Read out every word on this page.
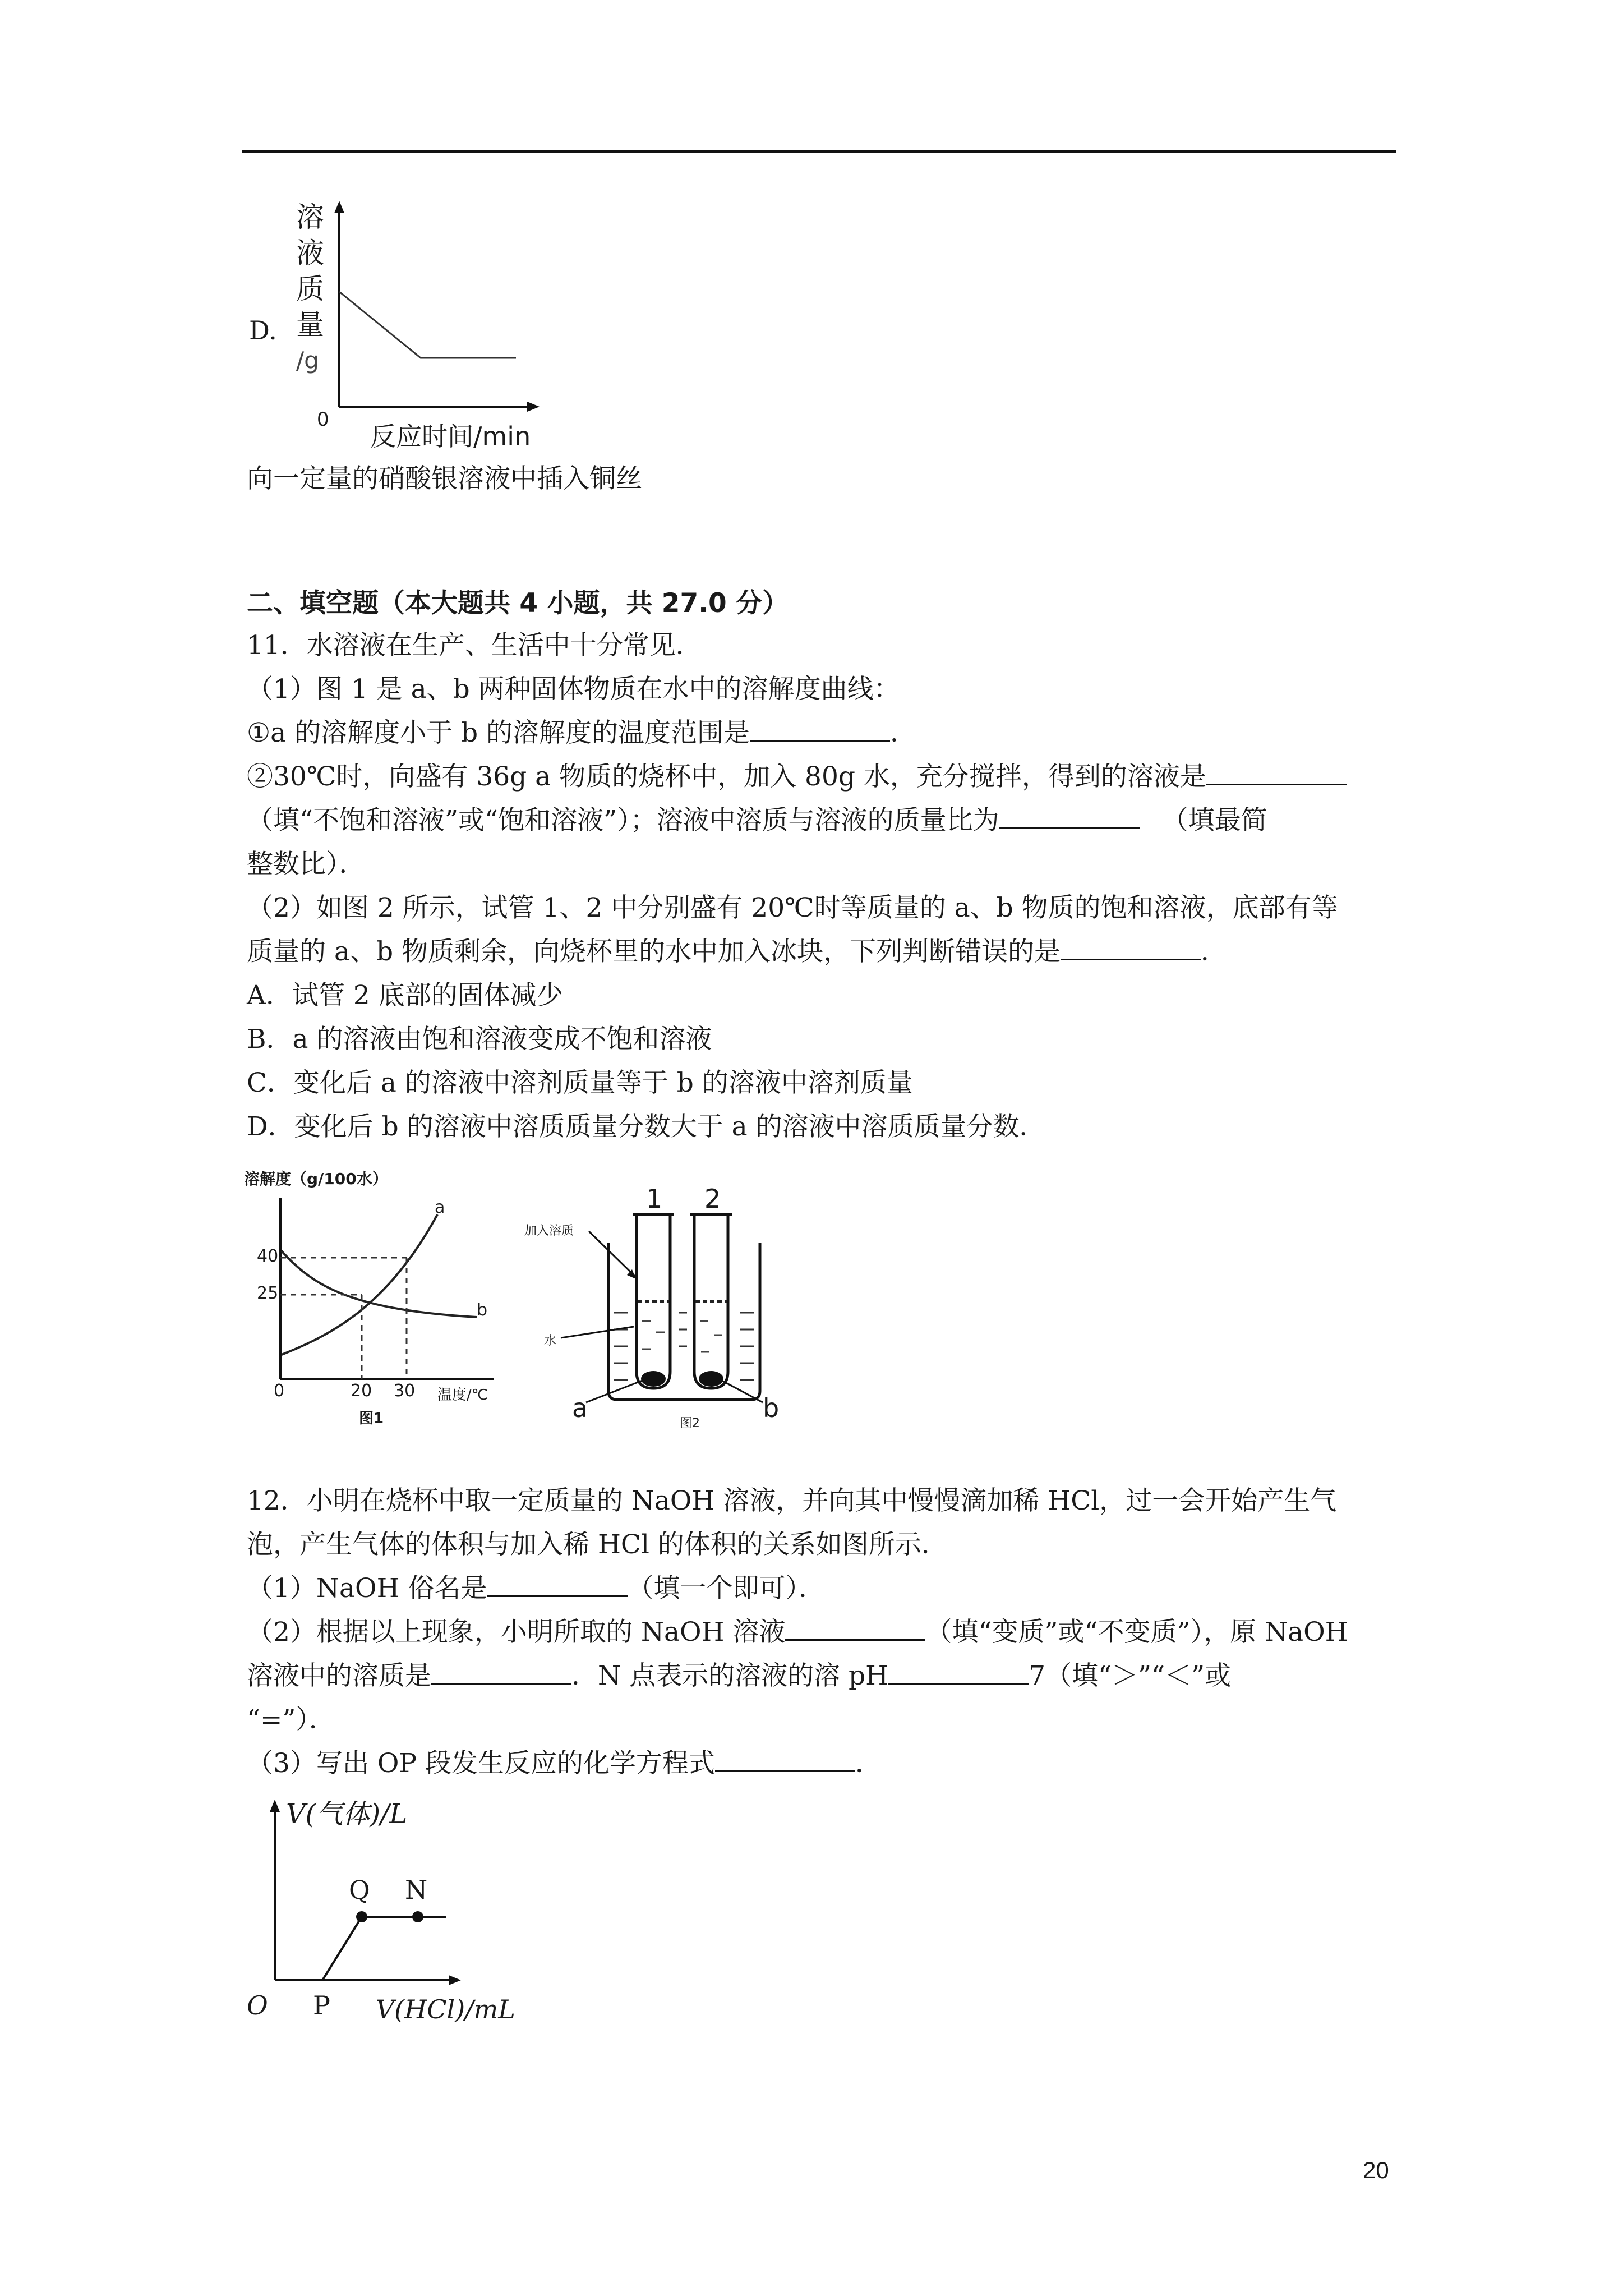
D.
溶
液
质
量
/g
0
反应时间/min
向一定量的硝酸银溶液中插入铜丝
二、填空题（本大题共 4 小题，共 27.0 分）
11．水溶液在生产、生活中十分常见．
（1）图 1 是 a、b 两种固体物质在水中的溶解度曲线：
①a 的溶解度小于 b 的溶解度的温度范围是	．
②30℃时，向盛有 36g a 物质的烧杯中，加入 80g 水，充分搅拌，得到的溶液是
（填“不饱和溶液”或“饱和溶液”）；溶液中溶质与溶液的质量比为	（填最简
整数比）．
（2）如图 2 所示，试管 1、2 中分别盛有 20℃时等质量的 a、b 物质的饱和溶液，底部有等
质量的 a、b 物质剩余，向烧杯里的水中加入冰块，下列判断错误的是	．
A．试管 2 底部的固体减少
B．a 的溶液由饱和溶液变成不饱和溶液
C．变化后 a 的溶液中溶剂质量等于 b 的溶液中溶剂质量
D．变化后 b 的溶液中溶质质量分数大于 a 的溶液中溶质质量分数．
溶解度（g/100水）
40
25
0	20 30 温度/℃
a
b
图1
1 2
加入溶质
水
a	b
图2
12．小明在烧杯中取一定质量的 NaOH 溶液，并向其中慢慢滴加稀 HCl，过一会开始产生气
泡，产生气体的体积与加入稀 HCl 的体积的关系如图所示．
（1）NaOH 俗名是	（填一个即可）．
（2）根据以上现象，小明所取的 NaOH 溶液	（填“变质”或“不变质”），原 NaOH
溶液中的溶质是	．N 点表示的溶液的溶 pH	7（填“＞”“＜”或
“=”）．
（3）写出 OP 段发生反应的化学方程式	．
V(气体)/L
Q N
O P V(HCl)/mL
20
